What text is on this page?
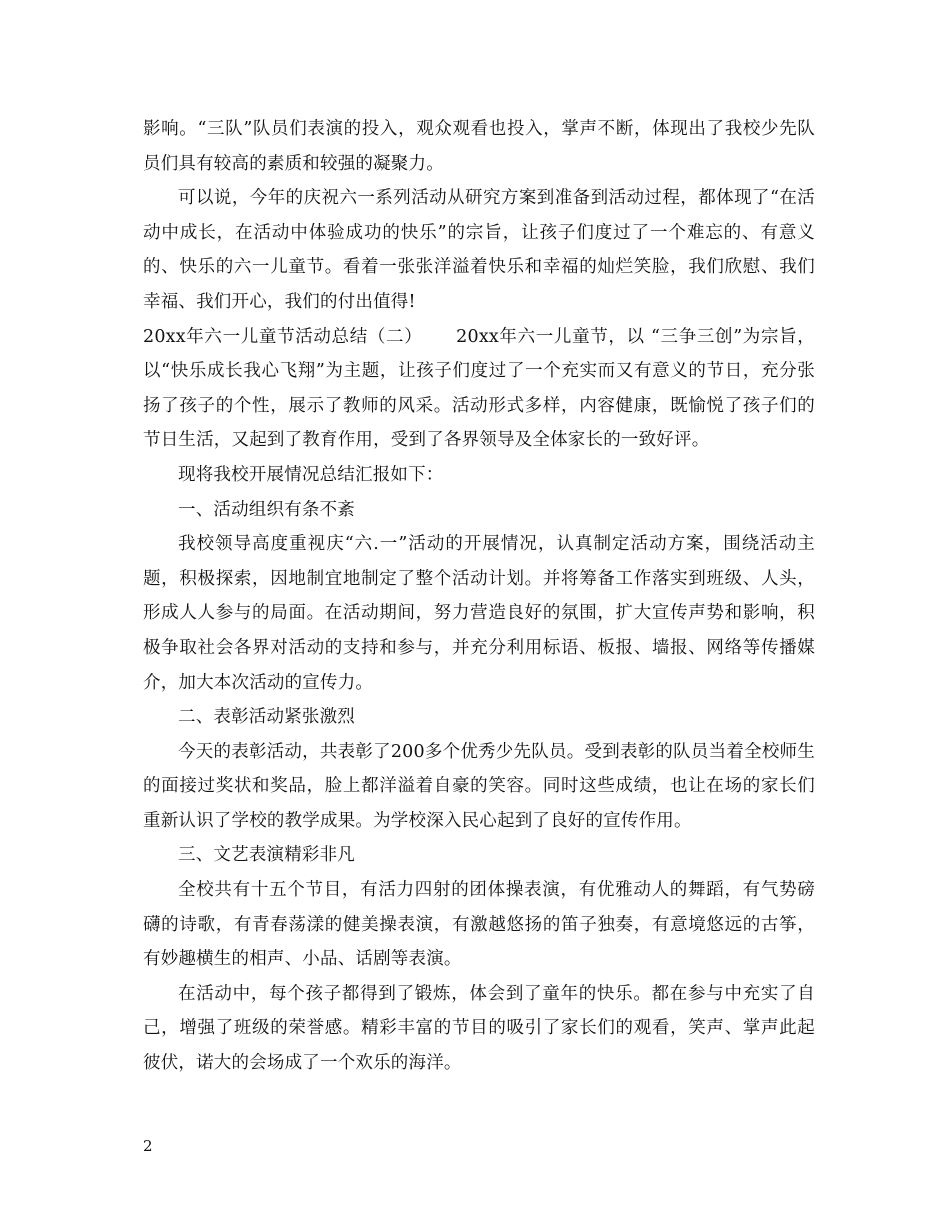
影响。“三队”队员们表演的投入，观众观看也投入，掌声不断，体现出了我校少先队员们具有较高的素质和较强的凝聚力。

可以说，今年的庆祝六一系列活动从研究方案到准备到活动过程，都体现了“在活动中成长，在活动中体验成功的快乐”的宗旨，让孩子们度过了一个难忘的、有意义的、快乐的六一儿童节。看着一张张洋溢着快乐和幸福的灿烂笑脸，我们欣慰、我们幸福、我们开心，我们的付出值得!

20xx年六一儿童节活动总结（二）　　 20xx年六一儿童节，以 “三争三创”为宗旨，以“快乐成长我心飞翔”为主题，让孩子们度过了一个充实而又有意义的节日，充分张扬了孩子的个性，展示了教师的风采。活动形式多样，内容健康，既愉悦了孩子们的节日生活，又起到了教育作用，受到了各界领导及全体家长的一致好评。

现将我校开展情况总结汇报如下：

一、活动组织有条不紊

我校领导高度重视庆“六.一”活动的开展情况，认真制定活动方案，围绕活动主题，积极探索，因地制宜地制定了整个活动计划。并将筹备工作落实到班级、人头，形成人人参与的局面。在活动期间，努力营造良好的氛围，扩大宣传声势和影响，积极争取社会各界对活动的支持和参与，并充分利用标语、板报、墙报、网络等传播媒介，加大本次活动的宣传力。

二、表彰活动紧张激烈

今天的表彰活动，共表彰了200多个优秀少先队员。受到表彰的队员当着全校师生的面接过奖状和奖品，脸上都洋溢着自豪的笑容。同时这些成绩，也让在场的家长们重新认识了学校的教学成果。为学校深入民心起到了良好的宣传作用。

三、文艺表演精彩非凡

全校共有十五个节目，有活力四射的团体操表演，有优雅动人的舞蹈，有气势磅礴的诗歌，有青春荡漾的健美操表演，有激越悠扬的笛子独奏，有意境悠远的古筝，有妙趣横生的相声、小品、话剧等表演。

在活动中，每个孩子都得到了锻炼，体会到了童年的快乐。都在参与中充实了自己，增强了班级的荣誉感。精彩丰富的节目的吸引了家长们的观看，笑声、掌声此起彼伏，诺大的会场成了一个欢乐的海洋。

2
